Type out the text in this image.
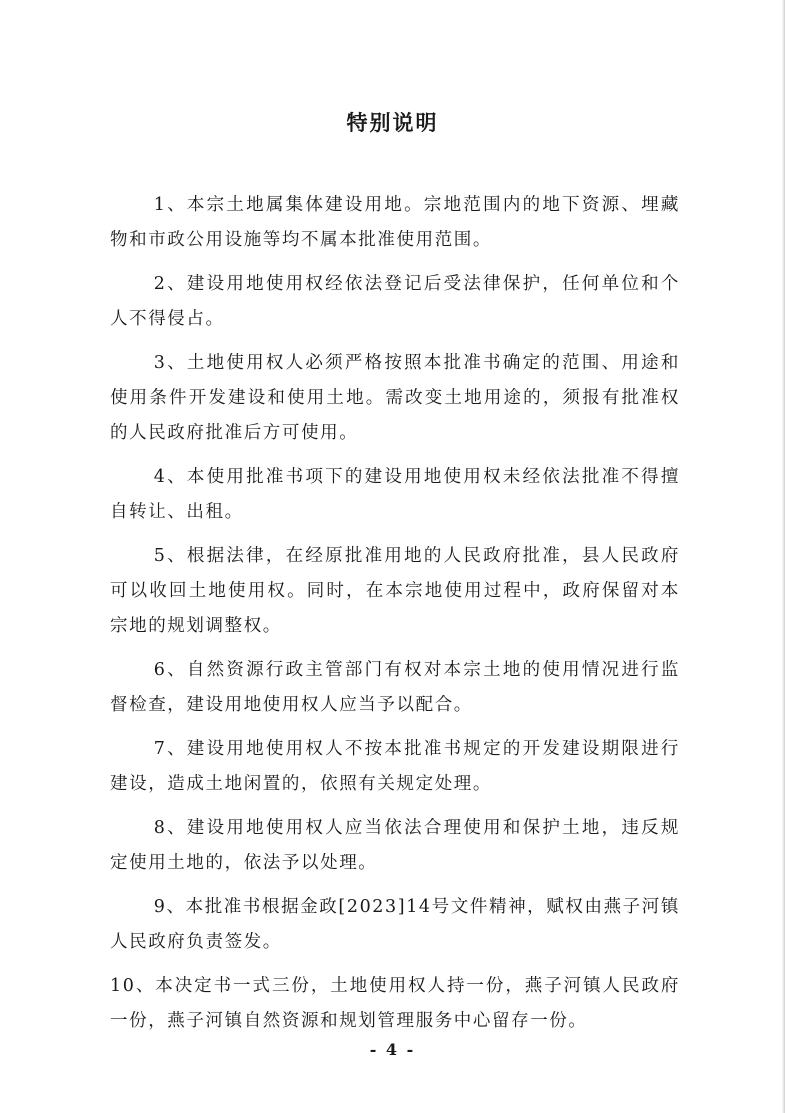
特别说明

1、本宗土地属集体建设用地。宗地范围内的地下资源、埋藏物和市政公用设施等均不属本批准使用范围。

2、建设用地使用权经依法登记后受法律保护，任何单位和个人不得侵占。

3、土地使用权人必须严格按照本批准书确定的范围、用途和使用条件开发建设和使用土地。需改变土地用途的，须报有批准权的人民政府批准后方可使用。

4、本使用批准书项下的建设用地使用权未经依法批准不得擅自转让、出租。

5、根据法律，在经原批准用地的人民政府批准，县人民政府可以收回土地使用权。同时，在本宗地使用过程中，政府保留对本宗地的规划调整权。

6、自然资源行政主管部门有权对本宗土地的使用情况进行监督检查，建设用地使用权人应当予以配合。

7、建设用地使用权人不按本批准书规定的开发建设期限进行建设，造成土地闲置的，依照有关规定处理。

8、建设用地使用权人应当依法合理使用和保护土地，违反规定使用土地的，依法予以处理。

9、本批准书根据金政[2023]14号文件精神，赋权由燕子河镇人民政府负责签发。

10、本决定书一式三份，土地使用权人持一份，燕子河镇人民政府一份，燕子河镇自然资源和规划管理服务中心留存一份。

- 4 -
